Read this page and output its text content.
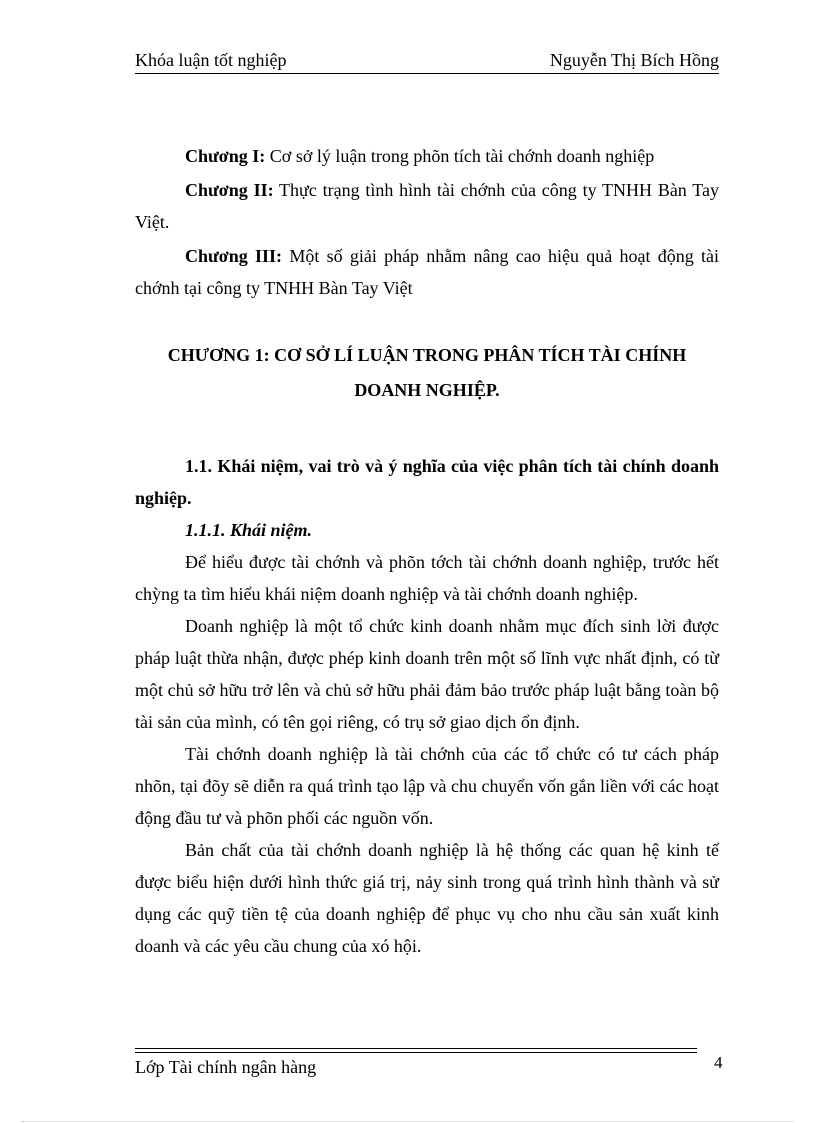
Khóa luận tốt nghiệp	Nguyễn Thị Bích Hồng

Chương I: Cơ sở lý luận trong phõn tích tài chớnh doanh nghiệp

Chương II: Thực trạng tình hình tài chớnh của công ty TNHH Bàn Tay Việt.

Chương III: Một số giải pháp nhằm nâng cao hiệu quả hoạt động tài chớnh tại công ty TNHH Bàn Tay Việt

CHƯƠNG 1: CƠ SỞ LÍ LUẬN TRONG PHÂN TÍCH TÀI CHÍNH
DOANH NGHIỆP.

1.1. Khái niệm, vai trò và ý nghĩa của việc phân tích tài chính doanh nghiệp.

1.1.1. Khái niệm.

Để hiểu được tài chớnh và phõn tớch tài chớnh doanh nghiệp, trước hết chỳng ta tìm hiểu khái niệm doanh nghiệp và tài chớnh doanh nghiệp.

Doanh nghiệp là một tổ chức kinh doanh nhằm mục đích sinh lời được pháp luật thừa nhận, được phép kinh doanh trên một số lĩnh vực nhất định, có từ một chủ sở hữu trở lên và chủ sở hữu phải đảm bảo trước pháp luật bằng toàn bộ tài sản của mình, có tên gọi riêng, có trụ sở giao dịch ổn định.

Tài chớnh doanh nghiệp là tài chớnh của các tổ chức có tư cách pháp nhõn, tại đõy sẽ diễn ra quá trình tạo lập và chu chuyển vốn gắn liền với các hoạt động đầu tư và phõn phối các nguồn vốn.

Bản chất của tài chớnh doanh nghiệp là hệ thống các quan hệ kinh tế được biểu hiện dưới hình thức giá trị, nảy sinh trong quá trình hình thành và sử dụng các quỹ tiền tệ của doanh nghiệp để phục vụ cho nhu cầu sản xuất kinh doanh và các yêu cầu chung của xó hội.

Lớp Tài chính ngân hàng	4
